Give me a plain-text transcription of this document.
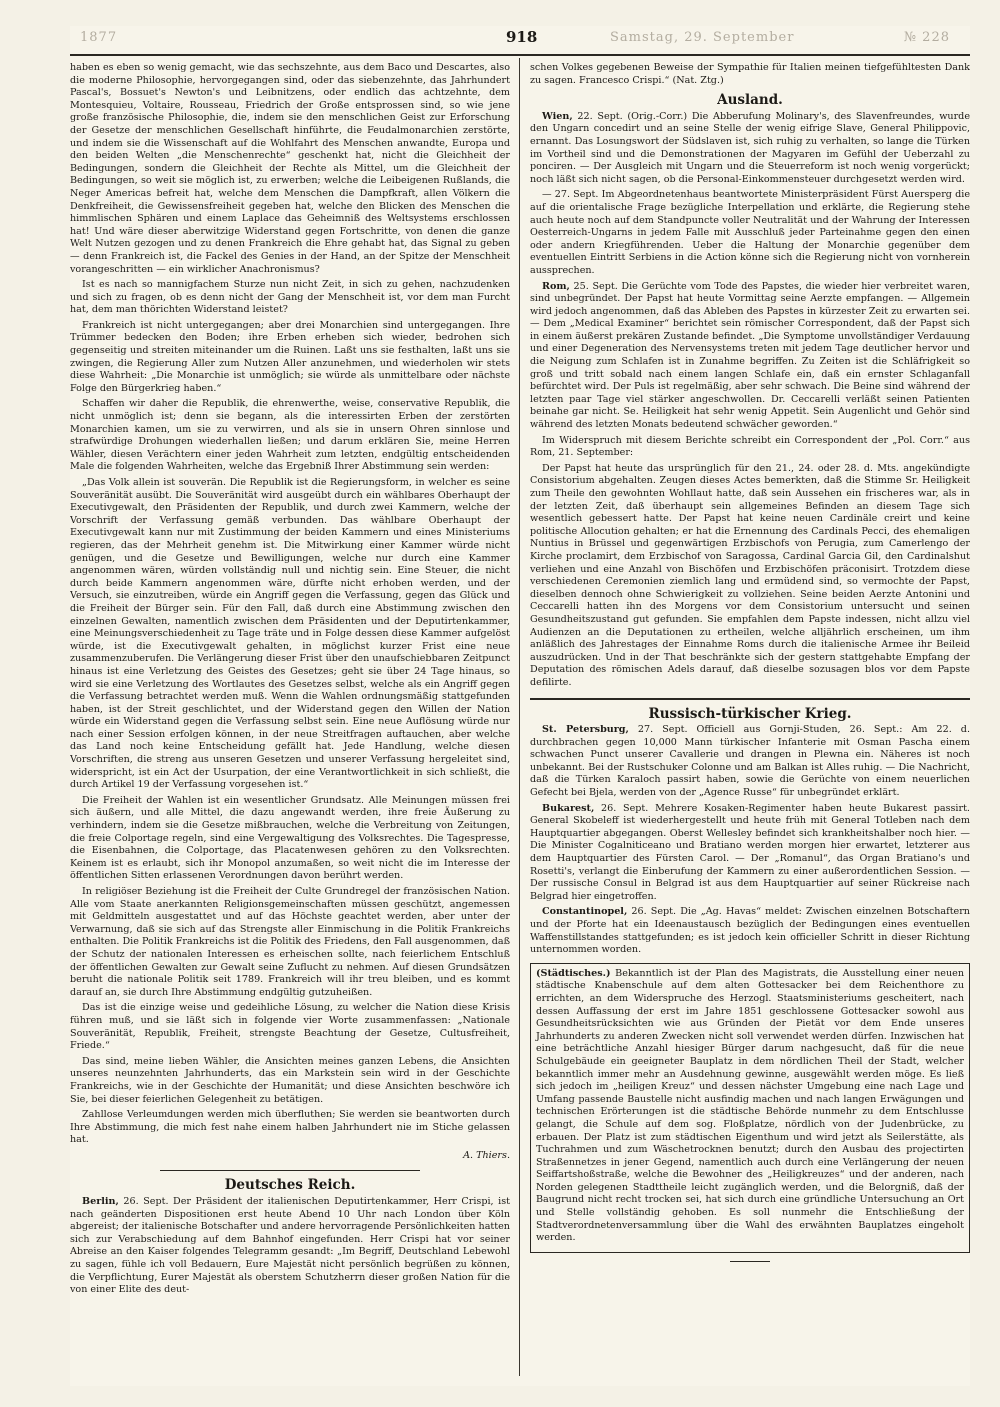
№ 228
Samstag, 29. September
918
1877

haben es eben so wenig gemacht, wie das sechszehnte, aus dem Baco und Descartes, also die moderne Philosophie, hervorgegangen sind, oder das siebenzehnte, das Jahrhundert Pascal's, Bossuet's Newton's und Leibnitzens, oder endlich das achtzehnte, dem Montesquieu, Voltaire, Rousseau, Friedrich der Große entsprossen sind, so wie jene große französische Philosophie, die, indem sie den menschlichen Geist zur Erforschung der Gesetze der menschlichen Gesellschaft hinführte, die Feudalmonarchien zerstörte, und indem sie die Wissenschaft auf die Wohlfahrt des Menschen anwandte, Europa und den beiden Welten „die Menschenrechte“ geschenkt hat, nicht die Gleichheit der Bedingungen, sondern die Gleichheit der Rechte als Mittel, um die Gleichheit der Bedingungen, so weit sie möglich ist, zu erwerben; welche die Leibeigenen Rußlands, die Neger Americas befreit hat, welche dem Menschen die Dampfkraft, allen Völkern die Denkfreiheit, die Gewissensfreiheit gegeben hat, welche den Blicken des Menschen die himmlischen Sphären und einem Laplace das Geheimniß des Weltsystems erschlossen hat! Und wäre dieser aberwitzige Widerstand gegen Fortschritte, von denen die ganze Welt Nutzen gezogen und zu denen Frankreich die Ehre gehabt hat, das Signal zu geben — denn Frankreich ist, die Fackel des Genies in der Hand, an der Spitze der Menschheit vorangeschritten — ein wirklicher Anachronismus?

Ist es nach so mannigfachem Sturze nun nicht Zeit, in sich zu gehen, nachzudenken und sich zu fragen, ob es denn nicht der Gang der Menschheit ist, vor dem man Furcht hat, dem man thörichten Widerstand leistet?

Frankreich ist nicht untergegangen; aber drei Monarchien sind untergegangen. Ihre Trümmer bedecken den Boden; ihre Erben erheben sich wieder, bedrohen sich gegenseitig und streiten miteinander um die Ruinen. Laßt uns sie festhalten, laßt uns sie zwingen, die Regierung Aller zum Nutzen Aller anzunehmen, und wiederholen wir stets diese Wahrheit: „Die Monarchie ist unmöglich; sie würde als unmittelbare oder nächste Folge den Bürgerkrieg haben.“

Schaffen wir daher die Republik, die ehrenwerthe, weise, conservative Republik, die nicht unmöglich ist; denn sie begann, als die interessirten Erben der zerstörten Monarchien kamen, um sie zu verwirren, und als sie in unsern Ohren sinnlose und strafwürdige Drohungen wiederhallen ließen; und darum erklären Sie, meine Herren Wähler, diesen Verächtern einer jeden Wahrheit zum letzten, endgültig entscheidenden Male die folgenden Wahrheiten, welche das Ergebniß Ihrer Abstimmung sein werden:

„Das Volk allein ist souverän. Die Republik ist die Regierungsform, in welcher es seine Souveränität ausübt. Die Souveränität wird ausgeübt durch ein wählbares Oberhaupt der Executivgewalt, den Präsidenten der Republik, und durch zwei Kammern, welche der Vorschrift der Verfassung gemäß verbunden. Das wählbare Oberhaupt der Executivgewalt kann nur mit Zustimmung der beiden Kammern und eines Ministeriums regieren, das der Mehrheit genehm ist. Die Mitwirkung einer Kammer würde nicht genügen, und die Gesetze und Bewilligungen, welche nur durch eine Kammer angenommen wären, würden vollständig null und nichtig sein. Eine Steuer, die nicht durch beide Kammern angenommen wäre, dürfte nicht erhoben werden, und der Versuch, sie einzutreiben, würde ein Angriff gegen die Verfassung, gegen das Glück und die Freiheit der Bürger sein. Für den Fall, daß durch eine Abstimmung zwischen den einzelnen Gewalten, namentlich zwischen dem Präsidenten und der Deputirtenkammer, eine Meinungsverschiedenheit zu Tage träte und in Folge dessen diese Kammer aufgelöst würde, ist die Executivgewalt gehalten, in möglichst kurzer Frist eine neue zusammenzuberufen. Die Verlängerung dieser Frist über den unaufschiebbaren Zeitpunct hinaus ist eine Verletzung des Geistes des Gesetzes; geht sie über 24 Tage hinaus, so wird sie eine Verletzung des Wortlautes des Gesetzes selbst, welche als ein Angriff gegen die Verfassung betrachtet werden muß. Wenn die Wahlen ordnungsmäßig stattgefunden haben, ist der Streit geschlichtet, und der Widerstand gegen den Willen der Nation würde ein Widerstand gegen die Verfassung selbst sein. Eine neue Auflösung würde nur nach einer Session erfolgen können, in der neue Streitfragen auftauchen, aber welche das Land noch keine Entscheidung gefällt hat. Jede Handlung, welche diesen Vorschriften, die streng aus unseren Gesetzen und unserer Verfassung hergeleitet sind, widerspricht, ist ein Act der Usurpation, der eine Verantwortlichkeit in sich schließt, die durch Artikel 19 der Verfassung vorgesehen ist.“

Die Freiheit der Wahlen ist ein wesentlicher Grundsatz. Alle Meinungen müssen frei sich äußern, und alle Mittel, die dazu angewandt werden, ihre freie Äußerung zu verhindern, indem sie die Gesetze mißbrauchen, welche die Verbreitung von Zeitungen, die freie Colportage regeln, sind eine Vergewaltigung des Volksrechtes. Die Tagespresse, die Eisenbahnen, die Colportage, das Placatenwesen gehören zu den Volksrechten. Keinem ist es erlaubt, sich ihr Monopol anzumaßen, so weit nicht die im Interesse der öffentlichen Sitten erlassenen Verordnungen davon berührt werden.

In religiöser Beziehung ist die Freiheit der Culte Grundregel der französischen Nation. Alle vom Staate anerkannten Religionsgemeinschaften müssen geschützt, angemessen mit Geldmitteln ausgestattet und auf das Höchste geachtet werden, aber unter der Verwarnung, daß sie sich auf das Strengste aller Einmischung in die Politik Frankreichs enthalten. Die Politik Frankreichs ist die Politik des Friedens, den Fall ausgenommen, daß der Schutz der nationalen Interessen es erheischen sollte, nach feierlichem Entschluß der öffentlichen Gewalten zur Gewalt seine Zuflucht zu nehmen. Auf diesen Grundsätzen beruht die nationale Politik seit 1789. Frankreich will ihr treu bleiben, und es kommt darauf an, sie durch Ihre Abstimmung endgültig gutzuheißen.

Das ist die einzige weise und gedeihliche Lösung, zu welcher die Nation diese Krisis führen muß, und sie läßt sich in folgende vier Worte zusammenfassen: „Nationale Souveränität, Republik, Freiheit, strengste Beachtung der Gesetze, Cultusfreiheit, Friede.“

Das sind, meine lieben Wähler, die Ansichten meines ganzen Lebens, die Ansichten unseres neunzehnten Jahrhunderts, das ein Markstein sein wird in der Geschichte Frankreichs, wie in der Geschichte der Humanität; und diese Ansichten beschwöre ich Sie, bei dieser feierlichen Gelegenheit zu betätigen.

Zahllose Verleumdungen werden mich überfluthen; Sie werden sie beantworten durch Ihre Abstimmung, die mich fest nahe einem halben Jahrhundert nie im Stiche gelassen hat.

A. Thiers.
Deutsches Reich.

Berlin, 26. Sept. Der Präsident der italienischen Deputirtenkammer, Herr Crispi, ist nach geänderten Dispositionen erst heute Abend 10 Uhr nach London über Köln abgereist; der italienische Botschafter und andere hervorragende Persönlichkeiten hatten sich zur Verabschiedung auf dem Bahnhof eingefunden. Herr Crispi hat vor seiner Abreise an den Kaiser folgendes Telegramm gesandt: „Im Begriff, Deutschland Lebewohl zu sagen, fühle ich voll Bedauern, Eure Majestät nicht persönlich begrüßen zu können, die Verpflichtung, Eurer Majestät als oberstem Schutzherrn dieser großen Nation für die von einer Elite des deut-

schen Volkes gegebenen Beweise der Sympathie für Italien meinen tiefgefühltesten Dank zu sagen. Francesco Crispi.“ (Nat. Ztg.)

Ausland.

Wien, 22. Sept. (Orig.-Corr.) Die Abberufung Molinary's, des Slavenfreundes, wurde den Ungarn concedirt und an seine Stelle der wenig eifrige Slave, General Philippovic, ernannt. Das Losungswort der Südslaven ist, sich ruhig zu verhalten, so lange die Türken im Vortheil sind und die Demonstrationen der Magyaren im Gefühl der Ueberzahl zu ponciren. — Der Ausgleich mit Ungarn und die Steuerreform ist noch wenig vorgerückt; noch läßt sich nicht sagen, ob die Personal-Einkommensteuer durchgesetzt werden wird.

— 27. Sept. Im Abgeordnetenhaus beantwortete Ministerpräsident Fürst Auersperg die auf die orientalische Frage bezügliche Interpellation und erklärte, die Regierung stehe auch heute noch auf dem Standpuncte voller Neutralität und der Wahrung der Interessen Oesterreich-Ungarns in jedem Falle mit Ausschluß jeder Parteinahme gegen den einen oder andern Kriegführenden. Ueber die Haltung der Monarchie gegenüber dem eventuellen Eintritt Serbiens in die Action könne sich die Regierung nicht von vornherein aussprechen.

Rom, 25. Sept. Die Gerüchte vom Tode des Papstes, die wieder hier verbreitet waren, sind unbegründet. Der Papst hat heute Vormittag seine Aerzte empfangen. — Allgemein wird jedoch angenommen, daß das Ableben des Papstes in kürzester Zeit zu erwarten sei. — Dem „Medical Examiner“ berichtet sein römischer Correspondent, daß der Papst sich in einem äußerst prekären Zustande befindet. „Die Symptome unvollständiger Verdauung und einer Degeneration des Nervensystems treten mit jedem Tage deutlicher hervor und die Neigung zum Schlafen ist in Zunahme begriffen. Zu Zeiten ist die Schläfrigkeit so groß und tritt sobald nach einem langen Schlafe ein, daß ein ernster Schlaganfall befürchtet wird. Der Puls ist regelmäßig, aber sehr schwach. Die Beine sind während der letzten paar Tage viel stärker angeschwollen. Dr. Ceccarelli verläßt seinen Patienten beinahe gar nicht. Se. Heiligkeit hat sehr wenig Appetit. Sein Augenlicht und Gehör sind während des letzten Monats bedeutend schwächer geworden.“

Im Widerspruch mit diesem Berichte schreibt ein Correspondent der „Pol. Corr.“ aus Rom, 21. September:

Der Papst hat heute das ursprünglich für den 21., 24. oder 28. d. Mts. angekündigte Consistorium abgehalten. Zeugen dieses Actes bemerkten, daß die Stimme Sr. Heiligkeit zum Theile den gewohnten Wohllaut hatte, daß sein Aussehen ein frischeres war, als in der letzten Zeit, daß überhaupt sein allgemeines Befinden an diesem Tage sich wesentlich gebessert hatte. Der Papst hat keine neuen Cardinäle creirt und keine politische Allocution gehalten; er hat die Ernennung des Cardinals Pecci, des ehemaligen Nuntius in Brüssel und gegenwärtigen Erzbischofs von Perugia, zum Camerlengo der Kirche proclamirt, dem Erzbischof von Saragossa, Cardinal Garcia Gil, den Cardinalshut verliehen und eine Anzahl von Bischöfen und Erzbischöfen präconisirt. Trotzdem diese verschiedenen Ceremonien ziemlich lang und ermüdend sind, so vermochte der Papst, dieselben dennoch ohne Schwierigkeit zu vollziehen. Seine beiden Aerzte Antonini und Ceccarelli hatten ihn des Morgens vor dem Consistorium untersucht und seinen Gesundheitszustand gut gefunden. Sie empfahlen dem Papste indessen, nicht allzu viel Audienzen an die Deputationen zu ertheilen, welche alljährlich erscheinen, um ihm anläßlich des Jahrestages der Einnahme Roms durch die italienische Armee ihr Beileid auszudrücken. Und in der That beschränkte sich der gestern stattgehabte Empfang der Deputation des römischen Adels darauf, daß dieselbe sozusagen blos vor dem Papste defilirte.

Russisch-türkischer Krieg.

St. Petersburg, 27. Sept. Officiell aus Gornji-Studen, 26. Sept.: Am 22. d. durchbrachen gegen 10,000 Mann türkischer Infanterie mit Osman Pascha einem schwachen Punct unserer Cavallerie und drangen in Plewna ein. Näheres ist noch unbekannt. Bei der Rustschuker Colonne und am Balkan ist Alles ruhig. — Die Nachricht, daß die Türken Karaloch passirt haben, sowie die Gerüchte von einem neuerlichen Gefecht bei Bjela, werden von der „Agence Russe“ für unbegründet erklärt.

Bukarest, 26. Sept. Mehrere Kosaken-Regimenter haben heute Bukarest passirt. General Skobeleff ist wiederhergestellt und heute früh mit General Totleben nach dem Hauptquartier abgegangen. Oberst Wellesley befindet sich krankheitshalber noch hier. — Die Minister Cogalniticeano und Bratiano werden morgen hier erwartet, letzterer aus dem Hauptquartier des Fürsten Carol. — Der „Romanul“, das Organ Bratiano's und Rosetti's, verlangt die Einberufung der Kammern zu einer außerordentlichen Session. — Der russische Consul in Belgrad ist aus dem Hauptquartier auf seiner Rückreise nach Belgrad hier eingetroffen.

Constantinopel, 26. Sept. Die „Ag. Havas“ meldet: Zwischen einzelnen Botschaftern und der Pforte hat ein Ideenaustausch bezüglich der Bedingungen eines eventuellen Waffenstillstandes stattgefunden; es ist jedoch kein officieller Schritt in dieser Richtung unternommen worden.

(Städtisches.) Bekanntlich ist der Plan des Magistrats, die Ausstellung einer neuen städtische Knabenschule auf dem alten Gottesacker bei dem Reichenthore zu errichten, an dem Widerspruche des Herzogl. Staatsministeriums gescheitert, nach dessen Auffassung der erst im Jahre 1851 geschlossene Gottesacker sowohl aus Gesundheitsrücksichten wie aus Gründen der Pietät vor dem Ende unseres Jahrhunderts zu anderen Zwecken nicht soll verwendet werden dürfen. Inzwischen hat eine beträchtliche Anzahl hiesiger Bürger darum nachgesucht, daß für die neue Schulgebäude ein geeigneter Bauplatz in dem nördlichen Theil der Stadt, welcher bekanntlich immer mehr an Ausdehnung gewinne, ausgewählt werden möge. Es ließ sich jedoch im „heiligen Kreuz“ und dessen nächster Umgebung eine nach Lage und Umfang passende Baustelle nicht ausfindig machen und nach langen Erwägungen und technischen Erörterungen ist die städtische Behörde nunmehr zu dem Entschlusse gelangt, die Schule auf dem sog. Floßplatze, nördlich von der Judenbrücke, zu erbauen. Der Platz ist zum städtischen Eigenthum und wird jetzt als Seilerstätte, als Tuchrahmen und zum Wäschetrocknen benutzt; durch den Ausbau des projectirten Straßennetzes in jener Gegend, namentlich auch durch eine Verlängerung der neuen Seiffartshoßstraße, welche die Bewohner des „Heiligkreuzes“ und der anderen, nach Norden gelegenen Stadttheile leicht zugänglich werden, und die Belorgniß, daß der Baugrund nicht recht trocken sei, hat sich durch eine gründliche Untersuchung an Ort und Stelle vollständig gehoben. Es soll nunmehr die Entschließung der Stadtverordnetenversammlung über die Wahl des erwähnten Bauplatzes eingeholt werden.
